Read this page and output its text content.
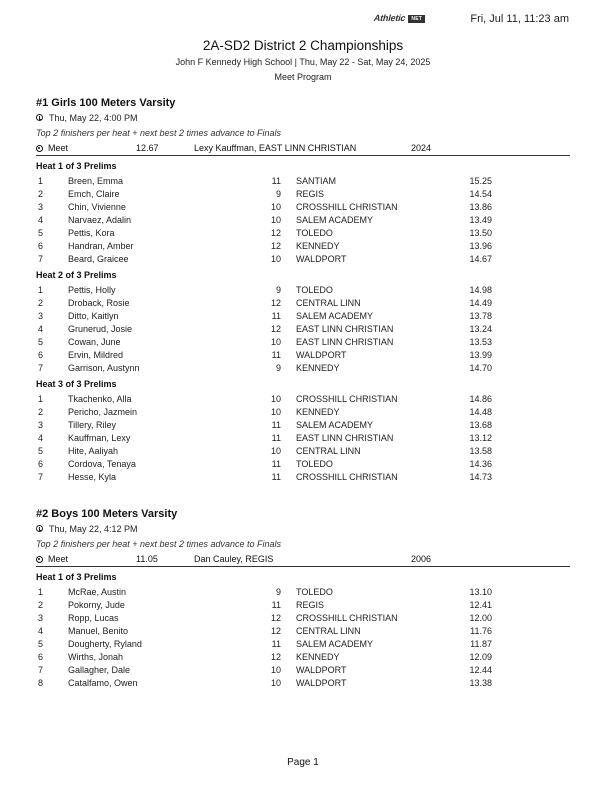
Athletic NET	Fri, Jul 11, 11:23 am
2A-SD2 District 2 Championships
John F Kennedy High School | Thu, May 22 - Sat, May 24, 2025
Meet Program
#1 Girls 100 Meters Varsity
Thu, May 22, 4:00 PM
Top 2 finishers per heat + next best 2 times advance to Finals
Meet	12.67	Lexy Kauffman, EAST LINN CHRISTIAN	2024
Heat 1 of 3 Prelims
1	Breen, Emma	11 SANTIAM	15.25
2	Emch, Claire	9 REGIS	14.54
3	Chin, Vivienne	10 CROSSHILL CHRISTIAN	13.86
4	Narvaez, Adalin	10 SALEM ACADEMY	13.49
5	Pettis, Kora	12 TOLEDO	13.50
6	Handran, Amber	12 KENNEDY	13.96
7	Beard, Graicee	10 WALDPORT	14.67
Heat 2 of 3 Prelims
1	Pettis, Holly	9 TOLEDO	14.98
2	Droback, Rosie	12 CENTRAL LINN	14.49
3	Ditto, Kaitlyn	11 SALEM ACADEMY	13.78
4	Grunerud, Josie	12 EAST LINN CHRISTIAN	13.24
5	Cowan, June	10 EAST LINN CHRISTIAN	13.53
6	Ervin, Mildred	11 WALDPORT	13.99
7	Garrison, Austynn	9 KENNEDY	14.70
Heat 3 of 3 Prelims
1	Tkachenko, Alla	10 CROSSHILL CHRISTIAN	14.86
2	Pericho, Jazmein	10 KENNEDY	14.48
3	Tillery, Riley	11 SALEM ACADEMY	13.68
4	Kauffman, Lexy	11 EAST LINN CHRISTIAN	13.12
5	Hite, Aaliyah	10 CENTRAL LINN	13.58
6	Cordova, Tenaya	11 TOLEDO	14.36
7	Hesse, Kyla	11 CROSSHILL CHRISTIAN	14.73
#2 Boys 100 Meters Varsity
Thu, May 22, 4:12 PM
Top 2 finishers per heat + next best 2 times advance to Finals
Meet	11.05	Dan Cauley, REGIS	2006
Heat 1 of 3 Prelims
1	McRae, Austin	9 TOLEDO	13.10
2	Pokorny, Jude	11 REGIS	12.41
3	Ropp, Lucas	12 CROSSHILL CHRISTIAN	12.00
4	Manuel, Benito	12 CENTRAL LINN	11.76
5	Dougherty, Ryland	11 SALEM ACADEMY	11.87
6	Wirths, Jonah	12 KENNEDY	12.09
7	Gallagher, Dale	10 WALDPORT	12.44
8	Catalfamo, Owen	10 WALDPORT	13.38
Page 1
